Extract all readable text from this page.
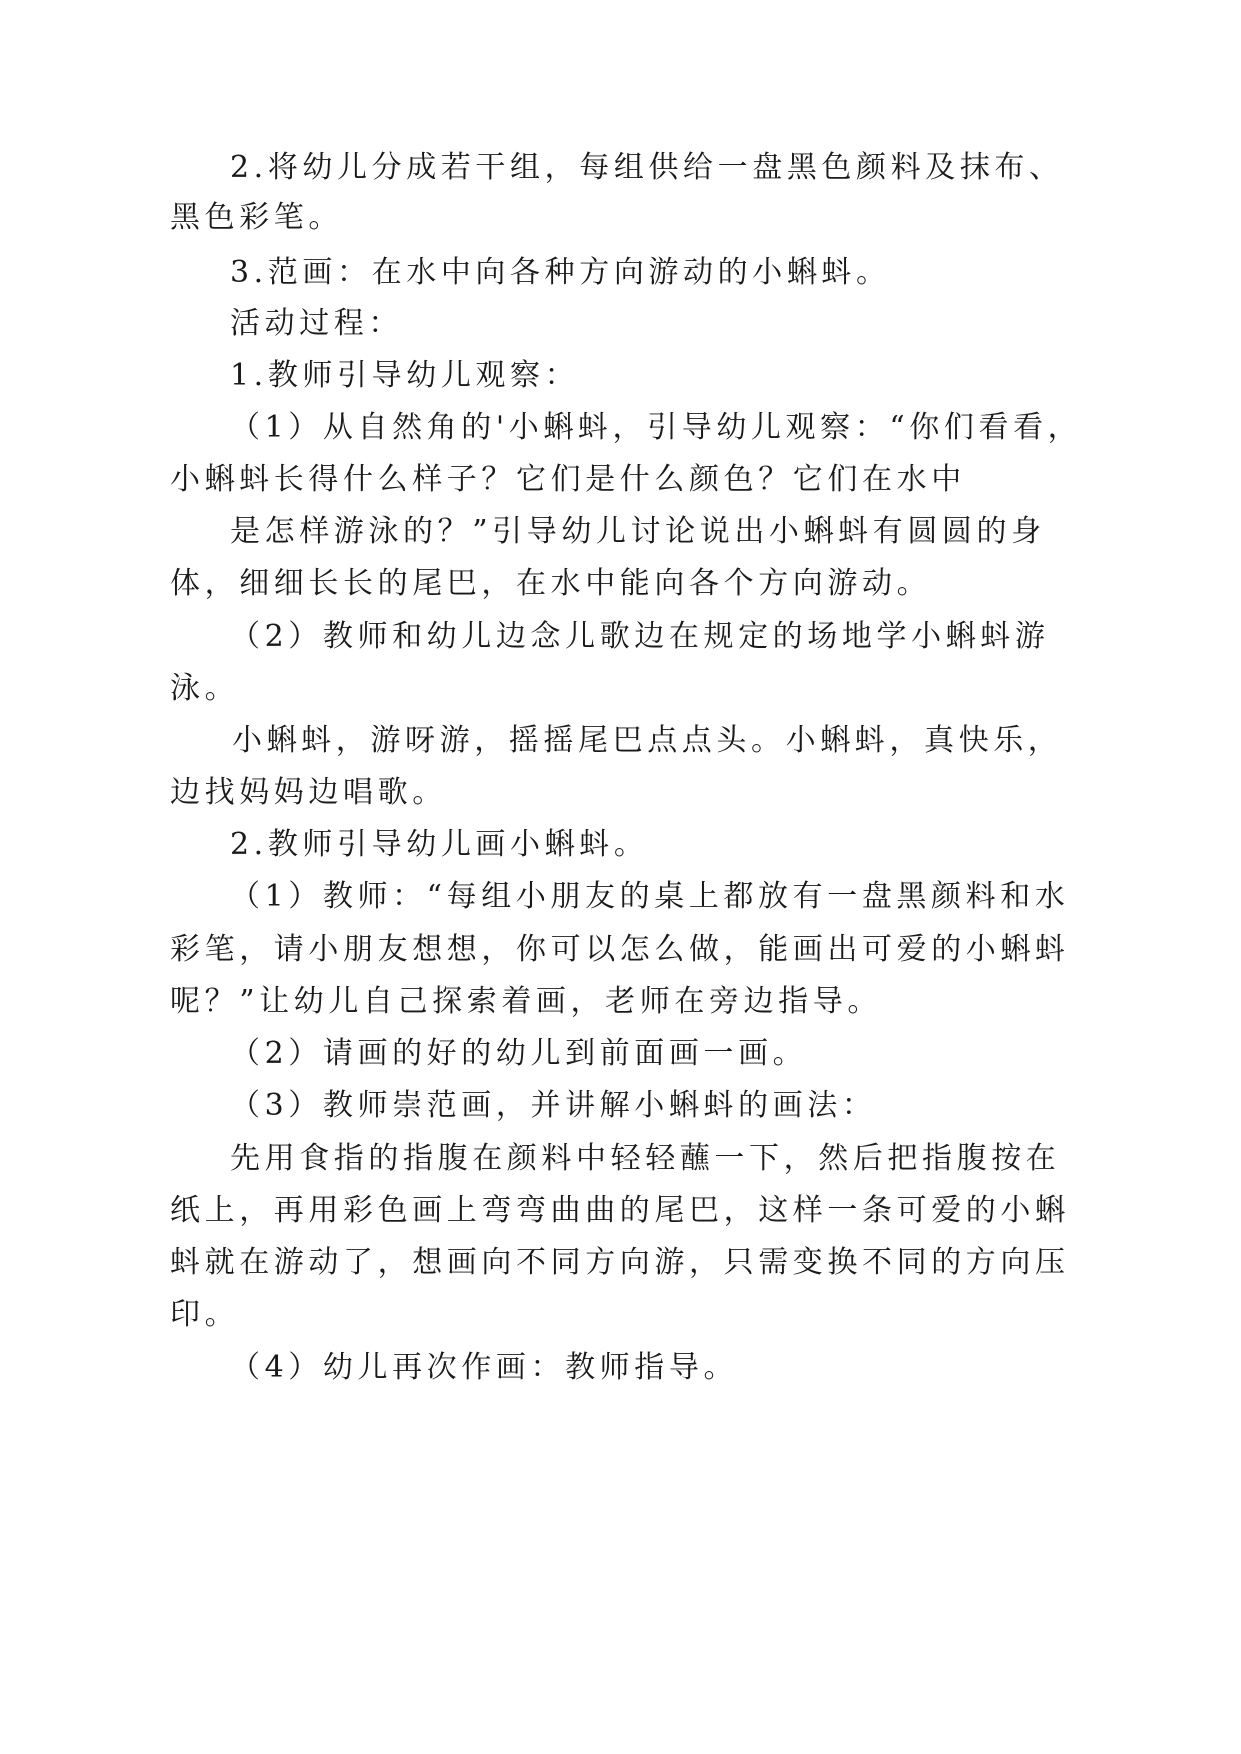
2.将幼儿分成若干组，每组供给一盘黑色颜料及抹布、
黑色彩笔。
3.范画：在水中向各种方向游动的小蝌蚪。
活动过程：
1.教师引导幼儿观察：
（1）从自然角的'小蝌蚪，引导幼儿观察：“你们看看，
小蝌蚪长得什么样子？它们是什么颜色？它们在水中
是怎样游泳的？”引导幼儿讨论说出小蝌蚪有圆圆的身
体，细细长长的尾巴，在水中能向各个方向游动。
（2）教师和幼儿边念儿歌边在规定的场地学小蝌蚪游
泳。
小蝌蚪，游呀游，摇摇尾巴点点头。小蝌蚪，真快乐，
边找妈妈边唱歌。
2.教师引导幼儿画小蝌蚪。
（1）教师：“每组小朋友的桌上都放有一盘黑颜料和水
彩笔，请小朋友想想，你可以怎么做，能画出可爱的小蝌蚪
呢？”让幼儿自己探索着画，老师在旁边指导。
（2）请画的好的幼儿到前面画一画。
（3）教师崇范画，并讲解小蝌蚪的画法：
先用食指的指腹在颜料中轻轻蘸一下，然后把指腹按在
纸上，再用彩色画上弯弯曲曲的尾巴，这样一条可爱的小蝌
蚪就在游动了，想画向不同方向游，只需变换不同的方向压
印。
（4）幼儿再次作画：教师指导。
